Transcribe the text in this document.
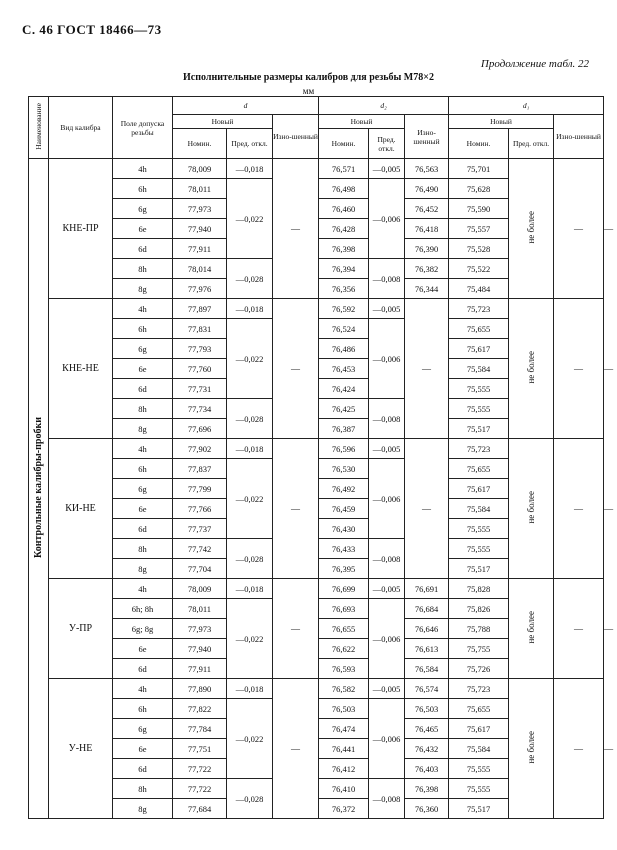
С. 46 ГОСТ 18466—73
Продолжение табл. 22
Исполнительные размеры калибров для резьбы М78×2
мм
Наименование	Вид калибра	Поле допуска резьбы	d			d₂			d₁			
			Новый		Изно-шенный	Новый		Изно-шенный	Новый		Изно-шенный	
			Номин.	Пред. откл.		Номин.	Пред. откл.		Номин.	Пред. откл.		
Контрольные калибры-пробки	КНЕ-ПР	4h	78,009	—0,018	—	76,571	—0,005	76,563	75,701	не более	—	—
		6h	78,011	—0,022		76,498	—0,006	76,490	75,628			
		6g	77,973			76,460		76,452	75,590			
		6e	77,940			76,428		76,418	75,557			
		6d	77,911			76,398		76,390	75,528			
		8h	78,014	—0,028		76,394	—0,008	76,382	75,522			
		8g	77,976			76,356		76,344	75,484			
	КНЕ-НЕ	4h	77,897	—0,018	—	76,592	—0,005	—	75,723	не более	—	—
		6h	77,831	—0,022		76,524	—0,006		75,655			
		6g	77,793			76,486			75,617			
		6e	77,760			76,453			75,584			
		6d	77,731			76,424			75,555			
		8h	77,734	—0,028		76,425	—0,008		75,555			
		8g	77,696			76,387			75,517			
	КИ-НЕ	4h	77,902	—0,018	—	76,596	—0,005	—	75,723	не более	—	—
		6h	77,837	—0,022		76,530	—0,006		75,655			
		6g	77,799			76,492			75,617			
		6e	77,766			76,459			75,584			
		6d	77,737			76,430			75,555			
		8h	77,742	—0,028		76,433	—0,008		75,555			
		8g	77,704			76,395			75,517			
	У-ПР	4h	78,009	—0,018	—	76,699	—0,005	76,691	75,828	не более	—	—
		6h; 8h	78,011	—0,022		76,693	—0,006	76,684	75,826			
		6g; 8g	77,973			76,655		76,646	75,788			
		6e	77,940			76,622		76,613	75,755			
		6d	77,911			76,593		76,584	75,726			
	У-НЕ	4h	77,890	—0,018	—	76,582	—0,005	76,574	75,723	не более	—	—
		6h	77,822	—0,022		76,503	—0,006	76,503	75,655			
		6g	77,784			76,474		76,465	75,617			
		6e	77,751			76,441		76,432	75,584			
		6d	77,722			76,412		76,403	75,555			
		8h	77,722	—0,028		76,410	—0,008	76,398	75,555			
		8g	77,684			76,372		76,360	75,517			
